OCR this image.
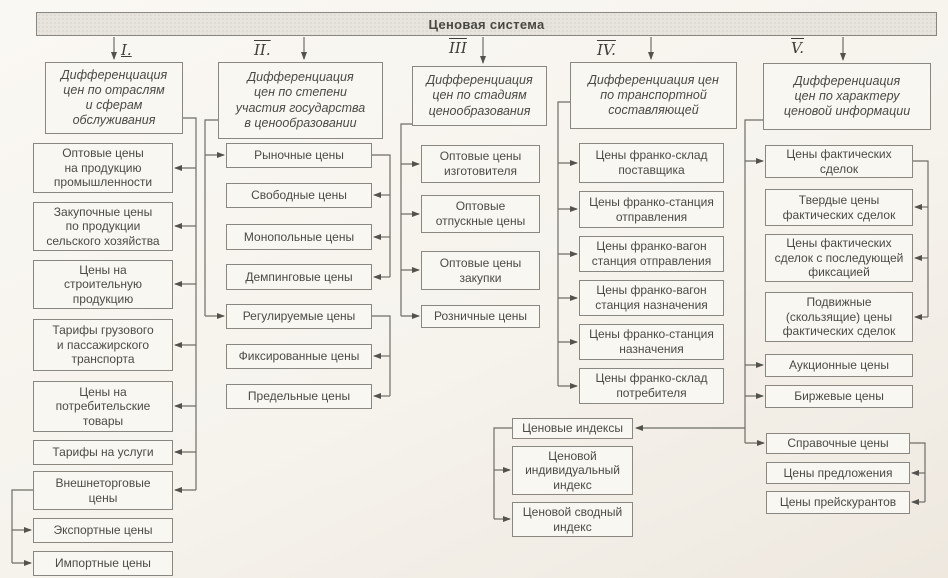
Ценовая система
I.	II.	$\overline{III}$	IV.	V.
Дифференциация
цен по отраслям
и сферам
обслуживания
Оптовые цены
на продукцию
промышленности
Закупочные цены
по продукции
сельского хозяйства
Цены на
строительную
продукцию
Тарифы грузового
и пассажирского
транспорта
Цены на
потребительские
товары
Тарифы на услуги
Внешнеторговые
цены
Экспортные цены
Импортные цены
Дифференциация
цен по степени
участия государства
в ценообразовании
Рыночные цены
Свободные цены
Монопольные цены
Демпинговые цены
Регулируемые цены
Фиксированные цены
Предельные цены
Дифференциация
цен по стадиям
ценообразования
Оптовые цены
изготовителя
Оптовые
отпускные цены
Оптовые цены
закупки
Розничные цены
Дифференциация цен
по транспортной
составляющей
Цены франко-склад
поставщика
Цены франко-станция
отправления
Цены франко-вагон
станция отправления
Цены франко-вагон
станция назначения
Цены франко-станция
назначения
Цены франко-склад
потребителя
Дифференциация
цен по характеру
ценовой информации
Цены фактических
сделок
Твердые цены
фактических сделок
Цены фактических
сделок с последующей
фиксацией
Подвижные
(скользящие) цены
фактических сделок
Аукционные цены
Биржевые цены
Справочные цены
Цены предложения
Цены прейскурантов
Ценовые индексы
Ценовой
индивидуальный
индекс
Ценовой сводный
индекс
